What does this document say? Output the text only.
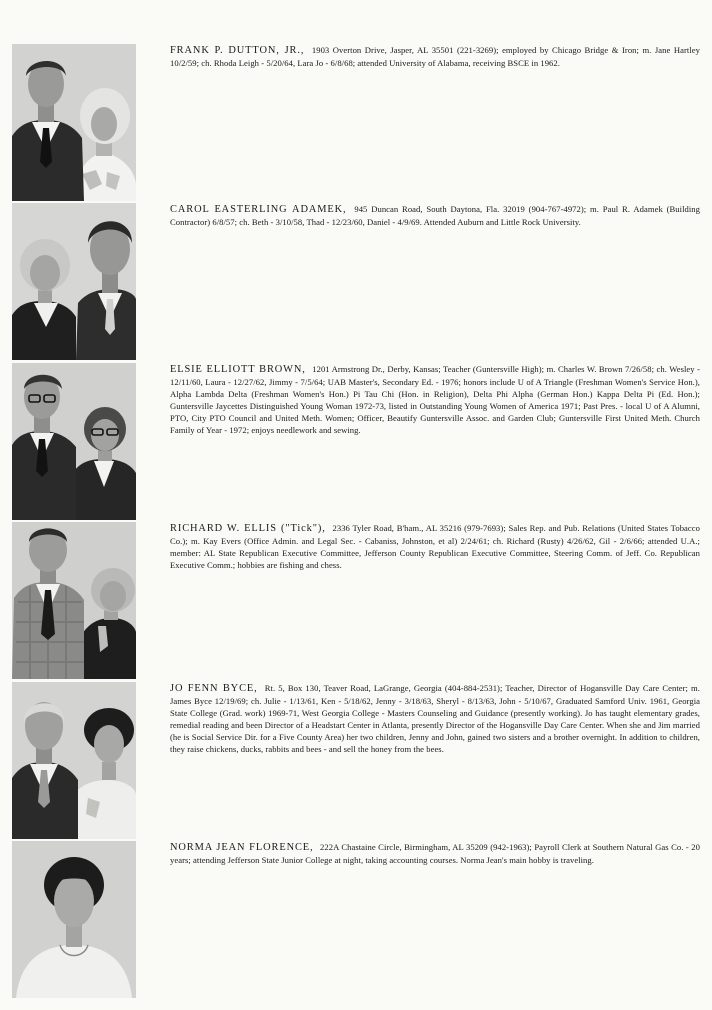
FRANK P. DUTTON, JR., 1903 Overton Drive, Jasper, AL 35501 (221-3269); employed by Chicago Bridge & Iron; m. Jane Hartley 10/2/59; ch. Rhoda Leigh - 5/20/64, Lara Jo - 6/8/68; attended University of Alabama, receiving BSCE in 1962.
CAROL EASTERLING ADAMEK, 945 Duncan Road, South Daytona, Fla. 32019 (904-767-4972); m. Paul R. Adamek (Building Contractor) 6/8/57; ch. Beth - 3/10/58, Thad - 12/23/60, Daniel - 4/9/69. Attended Auburn and Little Rock University.
ELSIE ELLIOTT BROWN, 1201 Armstrong Dr., Derby, Kansas; Teacher (Guntersville High); m. Charles W. Brown 7/26/58; ch. Wesley - 12/11/60, Laura - 12/27/62, Jimmy - 7/5/64; UAB Master's, Secondary Ed. - 1976; honors include U of A Triangle (Freshman Women's Service Hon.), Alpha Lambda Delta (Freshman Women's Hon.) Pi Tau Chi (Hon. in Religion), Delta Phi Alpha (German Hon.) Kappa Delta Pi (Ed. Hon.); Guntersville Jaycettes Distinguished Young Woman 1972-73, listed in Outstanding Young Women of America 1971; Past Pres. - local U of A Alumni, PTO, City PTO Council and United Meth. Women; Officer, Beautify Guntersville Assoc. and Garden Club; Guntersville First United Meth. Church Family of Year - 1972; enjoys needlework and sewing.
RICHARD W. ELLIS ("Tick"), 2336 Tyler Road, B'ham., AL 35216 (979-7693); Sales Rep. and Pub. Relations (United States Tobacco Co.); m. Kay Evers (Office Admin. and Legal Sec. - Cabaniss, Johnston, et al) 2/24/61; ch. Richard (Rusty) 4/26/62, Gil - 2/6/66; attended U.A.; member: AL State Republican Executive Committee, Jefferson County Republican Executive Committee, Steering Comm. of Jeff. Co. Republican Executive Comm.; hobbies are fishing and chess.
JO FENN BYCE, Rt. 5, Box 130, Teaver Road, LaGrange, Georgia (404-884-2531); Teacher, Director of Hogansville Day Care Center; m. James Byce 12/19/69; ch. Julie - 1/13/61, Ken - 5/18/62, Jenny - 3/18/63, Sheryl - 8/13/63, John - 5/10/67, Graduated Samford Univ. 1961, Georgia State College (Grad. work) 1969-71, West Georgia College - Masters Counseling and Guidance (presently working). Jo has taught elementary grades, remedial reading and been Director of a Headstart Center in Atlanta, presently Director of the Hogansville Day Care Center. When she and Jim married (he is Social Service Dir. for a Five County Area) her two children, Jenny and John, gained two sisters and a brother overnight. In addition to children, they raise chickens, ducks, rabbits and bees - and sell the honey from the bees.
NORMA JEAN FLORENCE, 222A Chastaine Circle, Birmingham, AL 35209 (942-1963); Payroll Clerk at Southern Natural Gas Co. - 20 years; attending Jefferson State Junior College at night, taking accounting courses. Norma Jean's main hobby is traveling.
